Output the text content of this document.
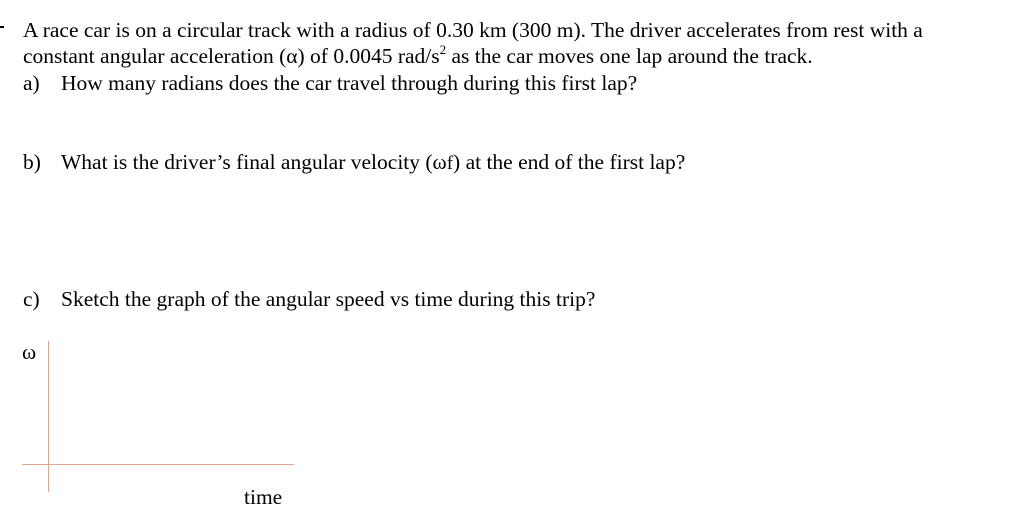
A race car is on a circular track with a radius of 0.30 km (300 m). The driver accelerates from rest with a
constant angular acceleration (α) of 0.0045 rad/$s^2$ as the car moves one lap around the track.
a) How many radians does the car travel through during this first lap?
b) What is the driver’s final angular velocity (ωf) at the end of the first lap?
c) Sketch the graph of the angular speed vs time during this trip?
ω
time
